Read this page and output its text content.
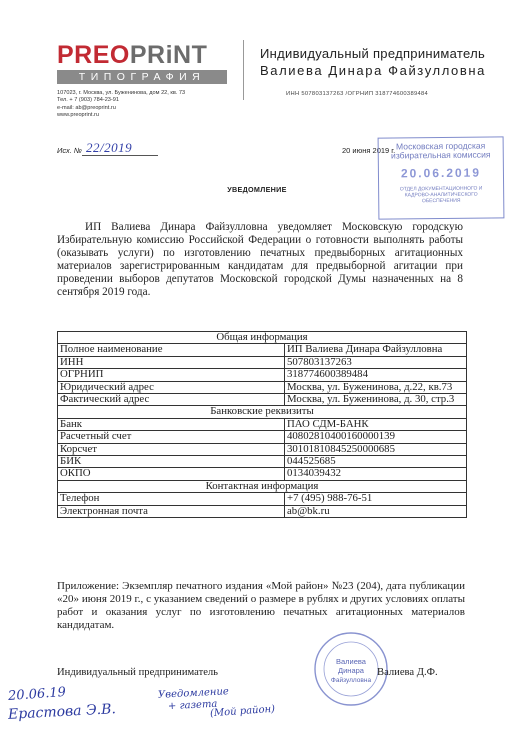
PREOPRiNT
ТИПОГРАФИЯ
107023, г. Москва, ул. Буженинова, дом 22, кв. 73
Тел. + 7 (903) 784-23-91
e-mail: ab@preoprint.ru
www.preoprint.ru
Индивидуальный предприниматель
Валиева Динара Файзулловна
ИНН 507803137263 /ОГРНИП 318774600389484
Исх. № 22/2019	20 июня 2019 г. Московская городская
избирательная комиссия
20.06.2019
ОТДЕЛ ДОКУМЕНТАЦИОННОГО И
КАДРОВО-АНАЛИТИЧЕСКОГО
ОБЕСПЕЧЕНИЯ
УВЕДОМЛЕНИЕ
ИП Валиева Динара Файзулловна уведомляет Московскую городскую Избирательную комиссию Российской Федерации о готовности выполнять работы (оказывать услуги) по изготовлению печатных предвыборных агитационных материалов зарегистрированным кандидатам для предвыборной агитации при проведении выборов депутатов Московской городской Думы назначенных на 8 сентября 2019 года.
Общая информация	
Полное наименование	ИП Валиева Динара Файзулловна
ИНН	507803137263
ОГРНИП	318774600389484
Юридический адрес	Москва, ул. Буженинова, д.22, кв.73
Фактический адрес	Москва, ул. Буженинова, д. 30, стр.3
Банковские реквизиты	
Банк	ПАО СДМ-БАНК
Расчетный счет	40802810400160000139
Корсчет	30101810845250000685
БИК	044525685
ОКПО	0134039432
Контактная информация	
Телефон	+7 (495) 988-76-51
Электронная почта	ab@bk.ru
Приложение: Экземпляр печатного издания «Мой район» №23 (204), дата публикации «20» июня 2019 г., с указанием сведений о размере в рублях и других условиях оплаты работ и оказания услуг по изготовлению печатных агитационных материалов кандидатам.
Валиева
Динара
Файзулловна
Индивидуальный предприниматель	Валиева Д.Ф.
20.06.19
Ерастова Э.В.
Уведомление
+ газета
(Мой район)
